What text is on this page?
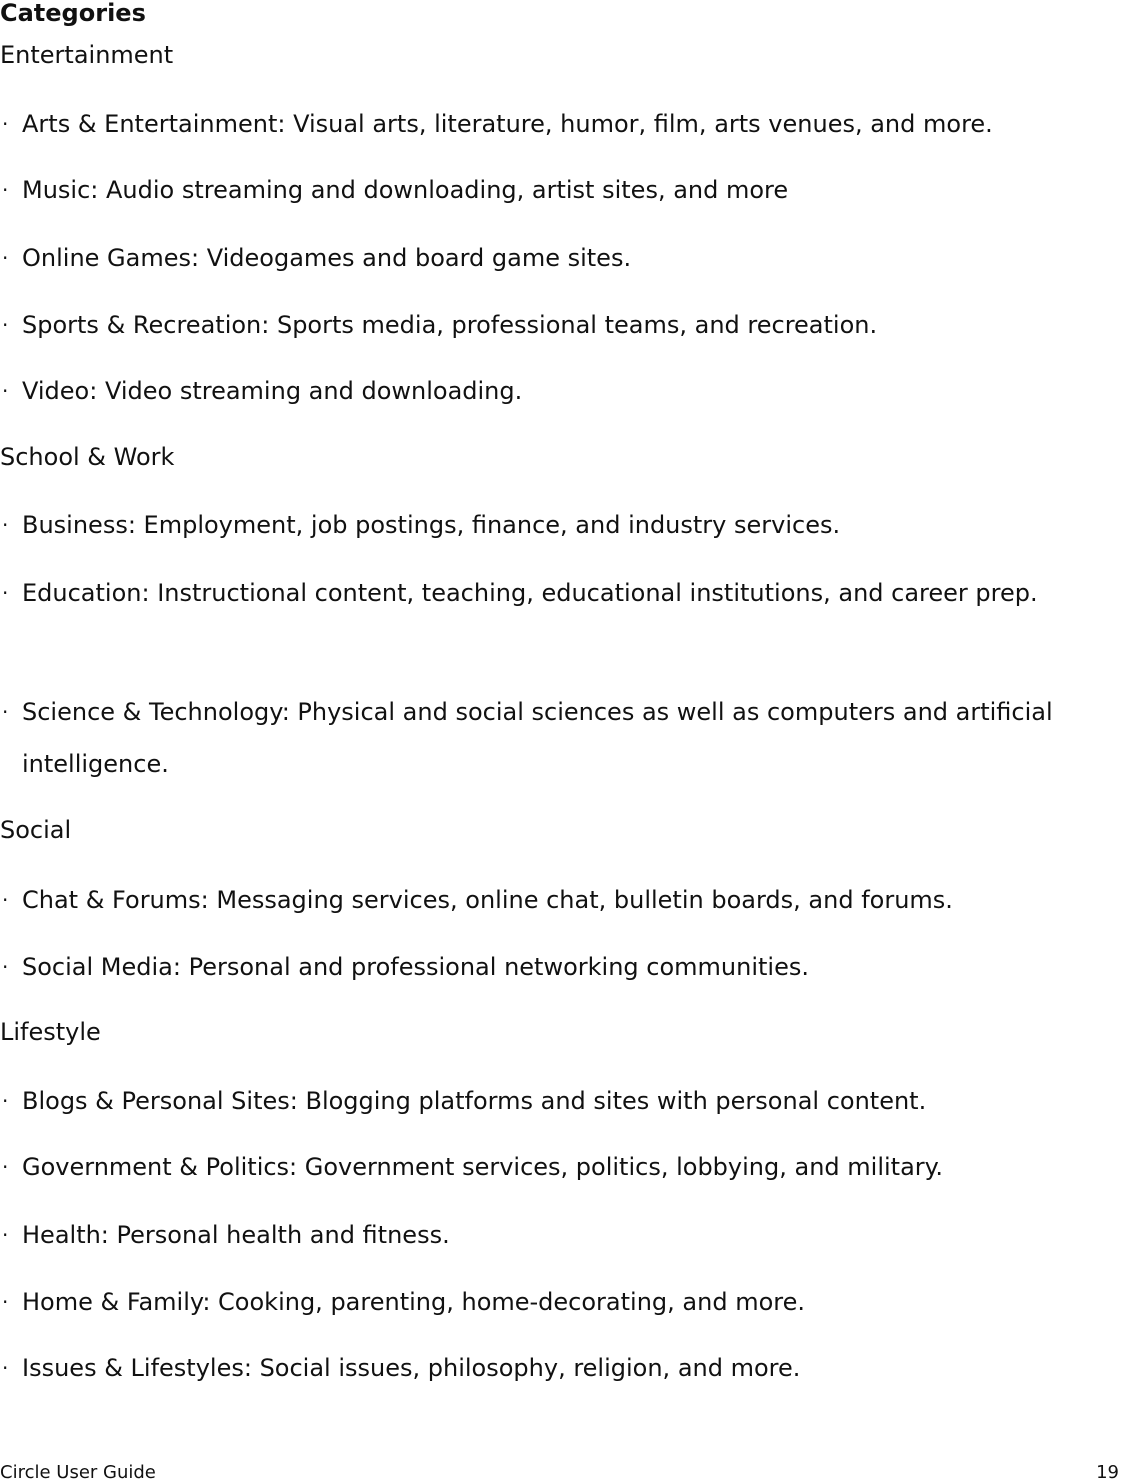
Categories
Entertainment
· Arts & Entertainment: Visual arts, literature, humor, film, arts venues, and more.
· Music: Audio streaming and downloading, artist sites, and more
· Online Games: Videogames and board game sites.
· Sports & Recreation: Sports media, professional teams, and recreation.
· Video: Video streaming and downloading.
School & Work
· Business: Employment, job postings, finance, and industry services.
· Education: Instructional content, teaching, educational institutions, and career prep.
· Science & Technology: Physical and social sciences as well as computers and artificial intelligence.
Social
· Chat & Forums: Messaging services, online chat, bulletin boards, and forums.
· Social Media: Personal and professional networking communities.
Lifestyle
· Blogs & Personal Sites: Blogging platforms and sites with personal content.
· Government & Politics: Government services, politics, lobbying, and military.
· Health: Personal health and fitness.
· Home & Family: Cooking, parenting, home-decorating, and more.
· Issues & Lifestyles: Social issues, philosophy, religion, and more.
Circle User Guide	19
